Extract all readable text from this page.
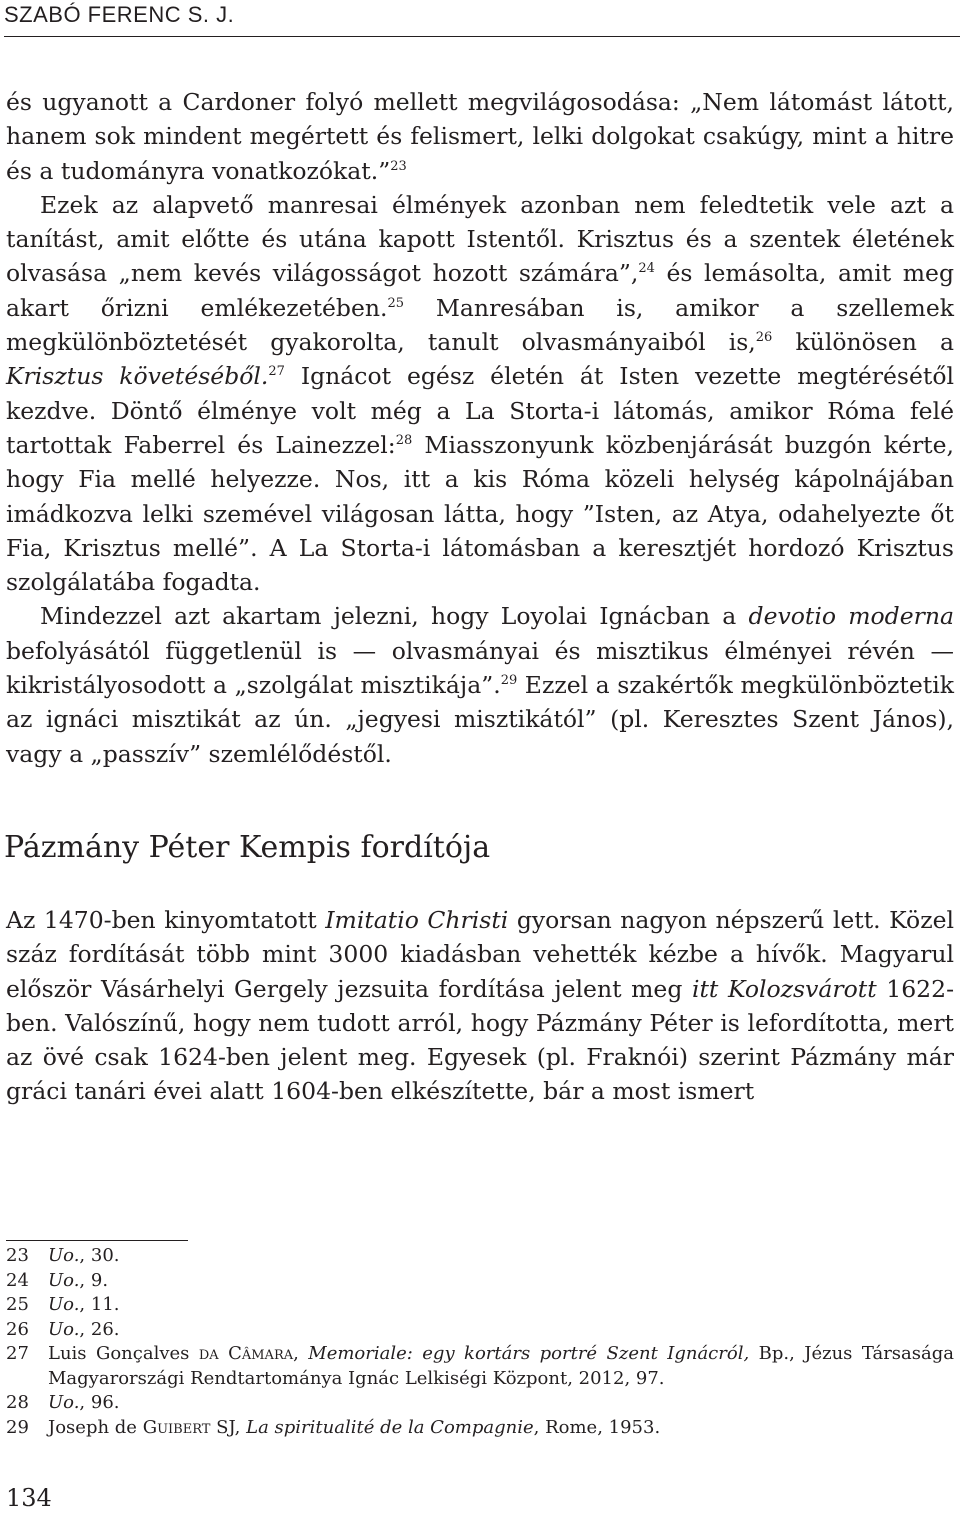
SZABÓ FERENC S. J.

és ugyanott a Cardoner folyó mellett megvilágosodása: „Nem látomást látott, hanem sok mindent megértett és felismert, lelki dolgokat csakúgy, mint a hitre és a tudományra vonatkozókat.”$^{23}$

Ezek az alapvető manresai élmények azonban nem feledtetik vele azt a tanítást, amit előtte és utána kapott Istentől. Krisztus és a szentek életének olvasása „nem kevés világosságot hozott számára”,$^{24}$ és lemásolta, amit meg akart őrizni emlékezetében.$^{25}$ Manresában is, amikor a szellemek megkülönböztetését gyakorolta, tanult olvasmányaiból is,$^{26}$ különösen a Krisztus követéséből.$^{27}$ Ignácot egész életén át Isten vezette megtérésétől kezdve. Döntő élménye volt még a La Storta-i látomás, amikor Róma felé tartottak Faberrel és Lainezzel:$^{28}$ Miasszonyunk közbenjárását buzgón kérte, hogy Fia mellé helyezze. Nos, itt a kis Róma közeli helység kápolnájában imádkozva lelki szemével világosan látta, hogy ”Isten, az Atya, odahelyezte őt Fia, Krisztus mellé”. A La Storta-i látomásban a keresztjét hordozó Krisztus szolgálatába fogadta.

Mindezzel azt akartam jelezni, hogy Loyolai Ignácban a devotio moderna befolyásától függetlenül is — olvasmányai és misztikus élményei révén — kikristályosodott a „szolgálat misztikája”.$^{29}$ Ezzel a szakértők megkülönböztetik az ignáci misztikát az ún. „jegyesi misztikától” (pl. Keresztes Szent János), vagy a „passzív” szemlélődéstől.

Pázmány Péter Kempis fordítója

Az 1470-ben kinyomtatott Imitatio Christi gyorsan nagyon népszerű lett. Közel száz fordítását több mint 3000 kiadásban vehették kézbe a hívők. Magyarul először Vásárhelyi Gergely jezsuita fordítása jelent meg itt Kolozsvárott 1622-ben. Valószínű, hogy nem tudott arról, hogy Pázmány Péter is lefordította, mert az övé csak 1624-ben jelent meg. Egyesek (pl. Fraknói) szerint Pázmány már gráci tanári évei alatt 1604-ben elkészítette, bár a most ismert

23	Uo., 30.
24	Uo., 9.
25	Uo., 11.
26	Uo., 26.
27	Luis Gonçalves da Câmara, Memoriale: egy kortárs portré Szent Ignácról, Bp., Jézus Társasága Magyarországi Rendtartománya Ignác Lelkiségi Központ, 2012, 97.
28	Uo., 96.
29	Joseph de Guibert SJ, La spiritualité de la Compagnie, Rome, 1953.
134
